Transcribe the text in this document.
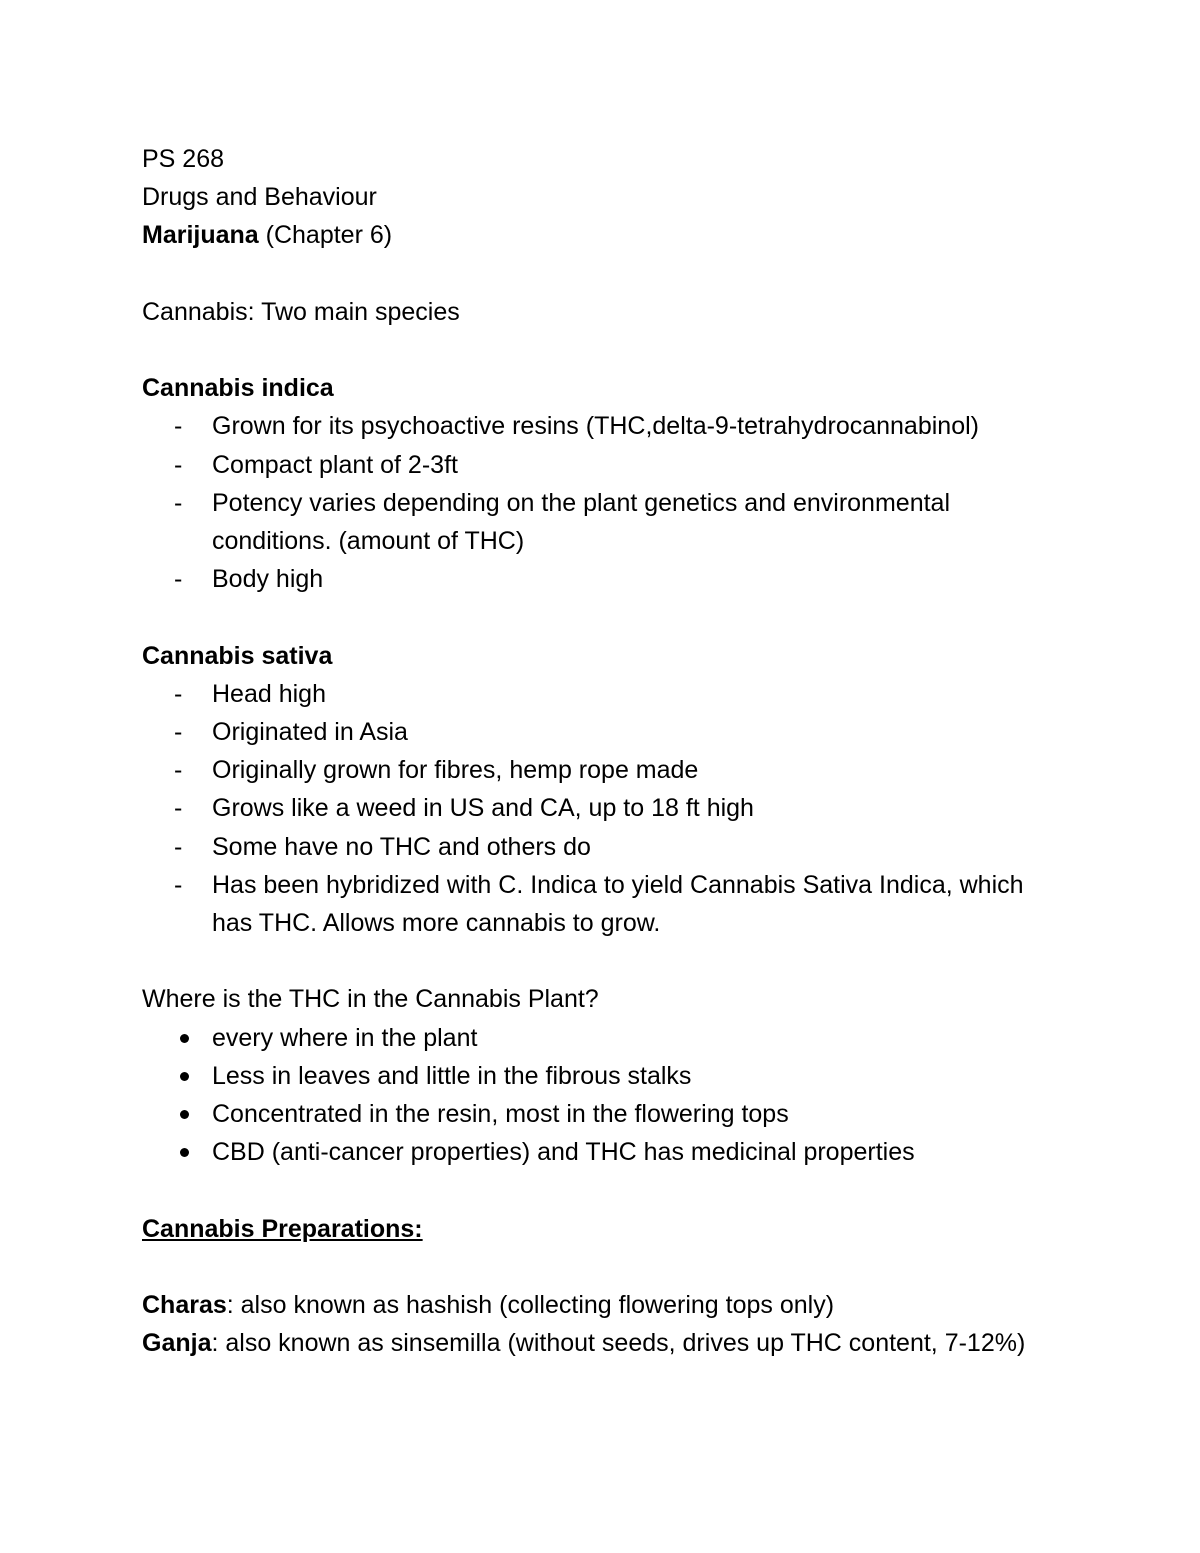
PS 268

Drugs and Behaviour

Marijuana (Chapter 6)

Cannabis: Two main species

Cannabis indica

- Grown for its psychoactive resins (THC,delta-9-tetrahydrocannabinol)
- Compact plant of 2-3ft
- Potency varies depending on the plant genetics and environmental conditions. (amount of THC)
- Body high

Cannabis sativa

- Head high
- Originated in Asia
- Originally grown for fibres, hemp rope made
- Grows like a weed in US and CA, up to 18 ft high
- Some have no THC and others do
- Has been hybridized with C. Indica to yield Cannabis Sativa Indica, which has THC. Allows more cannabis to grow.

Where is the THC in the Cannabis Plant?

every where in the plant
Less in leaves and little in the fibrous stalks
Concentrated in the resin, most in the flowering tops
CBD (anti-cancer properties) and THC has medicinal properties

Cannabis Preparations:

Charas: also known as hashish (collecting flowering tops only)

Ganja: also known as sinsemilla (without seeds, drives up THC content, 7-12%)
